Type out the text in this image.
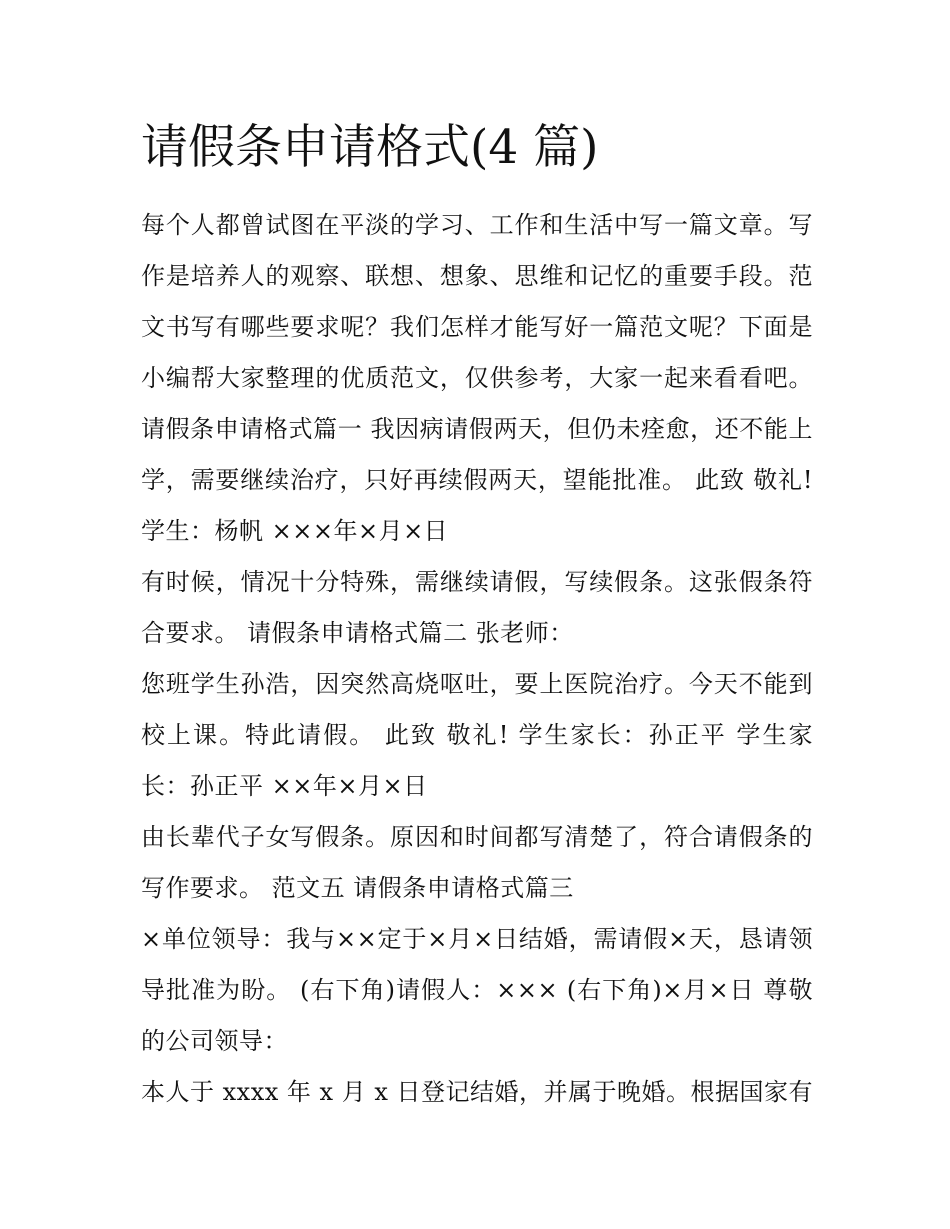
请假条申请格式(4 篇)

每个人都曾试图在平淡的学习、工作和生活中写一篇文章。写作是培养人的观察、联想、想象、思维和记忆的重要手段。范文书写有哪些要求呢？我们怎样才能写好一篇范文呢？下面是小编帮大家整理的优质范文，仅供参考，大家一起来看看吧。请假条申请格式篇一 我因病请假两天，但仍未痊愈，还不能上学，需要继续治疗，只好再续假两天，望能批准。 此致 敬礼! 学生：杨帆 ×××年×月×日

有时候，情况十分特殊，需继续请假，写续假条。这张假条符合要求。 请假条申请格式篇二 张老师：

您班学生孙浩，因突然高烧呕吐，要上医院治疗。今天不能到校上课。特此请假。 此致 敬礼! 学生家长：孙正平 学生家长：孙正平 ××年×月×日

由长辈代子女写假条。原因和时间都写清楚了，符合请假条的写作要求。 范文五 请假条申请格式篇三

×单位领导：我与××定于×月×日结婚，需请假×天，恳请领导批准为盼。 (右下角)请假人：××× (右下角)×月×日 尊敬的公司领导：

本人于 xxxx 年 x 月 x 日登记结婚，并属于晚婚。根据国家有
